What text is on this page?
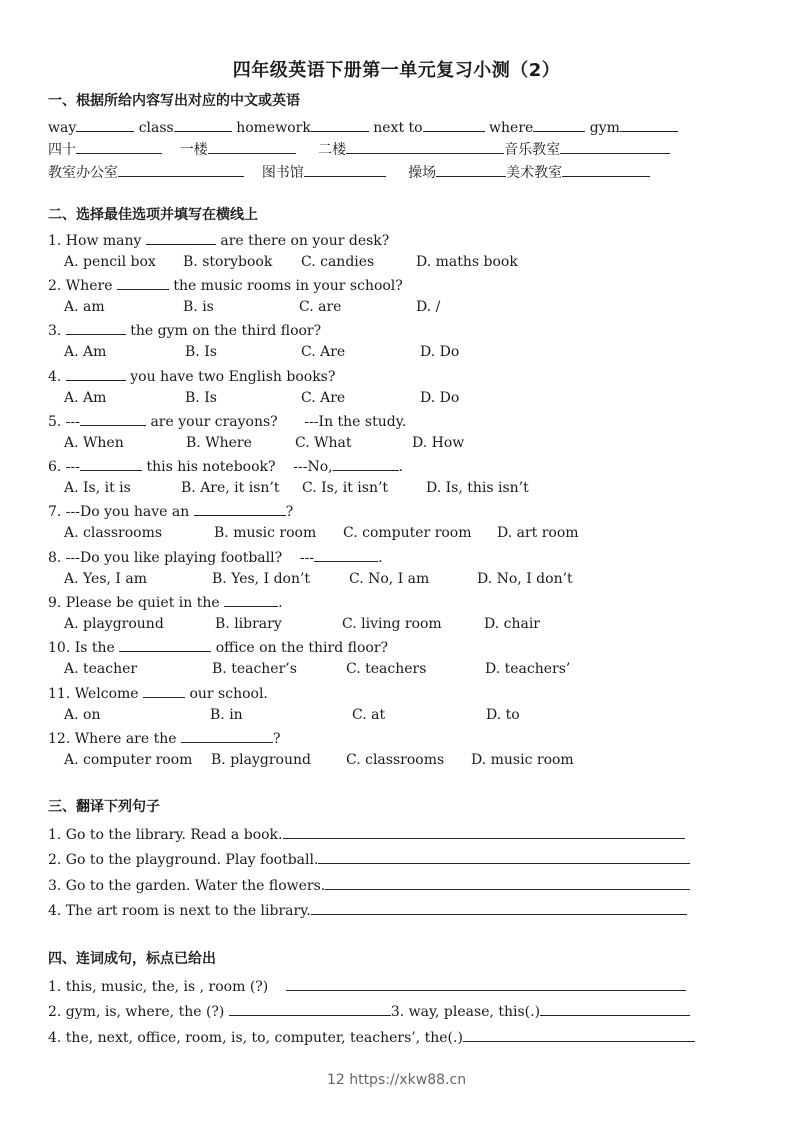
四年级英语下册第一单元复习小测（2）
一、根据所给内容写出对应的中文或英语
way	class	homework	next to	where	gym
四十	一楼	二楼	音乐教室
教室办公室	图书馆	操场	美术教室
二、选择最佳选项并填写在横线上
1. How many	are there on your desk?
A. pencil box B. storybook C. candies	D. maths book
2. Where	the music rooms in your school?
A. am	B. is	C. are	D. /
3.	the gym on the third floor?
A. Am	B. Is	C. Are	D. Do
4.	you have two English books?
A. Am	B. Is	C. Are	D. Do
5. ---	are your crayons?      ---In the study.
A. When	B. Where	C. What	D. How
6. ---	this his notebook?    ---No,	.
A. Is, it is	B. Are, it isn’t C. Is, it isn’t	D. Is, this isn’t
7. ---Do you have an	?
A. classrooms	B. music room C. computer room D. art room
8. ---Do you like playing football?    ---	.
A. Yes, I am	B. Yes, I don’t	C. No, I am	D. No, I don’t
9. Please be quiet in the	.
A. playground	B. library	C. living room	D. chair
10. Is the	office on the third floor?
A. teacher	B. teacher’s	C. teachers	D. teachers’
11. Welcome	our school.
A. on	B. in	C. at	D. to
12. Where are the	?
A. computer room B. playground	C. classrooms D. music room
三、翻译下列句子
1. Go to the library. Read a book.
2. Go to the playground. Play football.
3. Go to the garden. Water the flowers.
4. The art room is next to the library.
四、连词成句，标点已给出
1. this, music, the, is , room (?)
2. gym, is, where, the (?)	3. way, please, this(.)
4. the, next, office, room, is, to, computer, teachers’, the(.)
12 https://xkw88.cn
